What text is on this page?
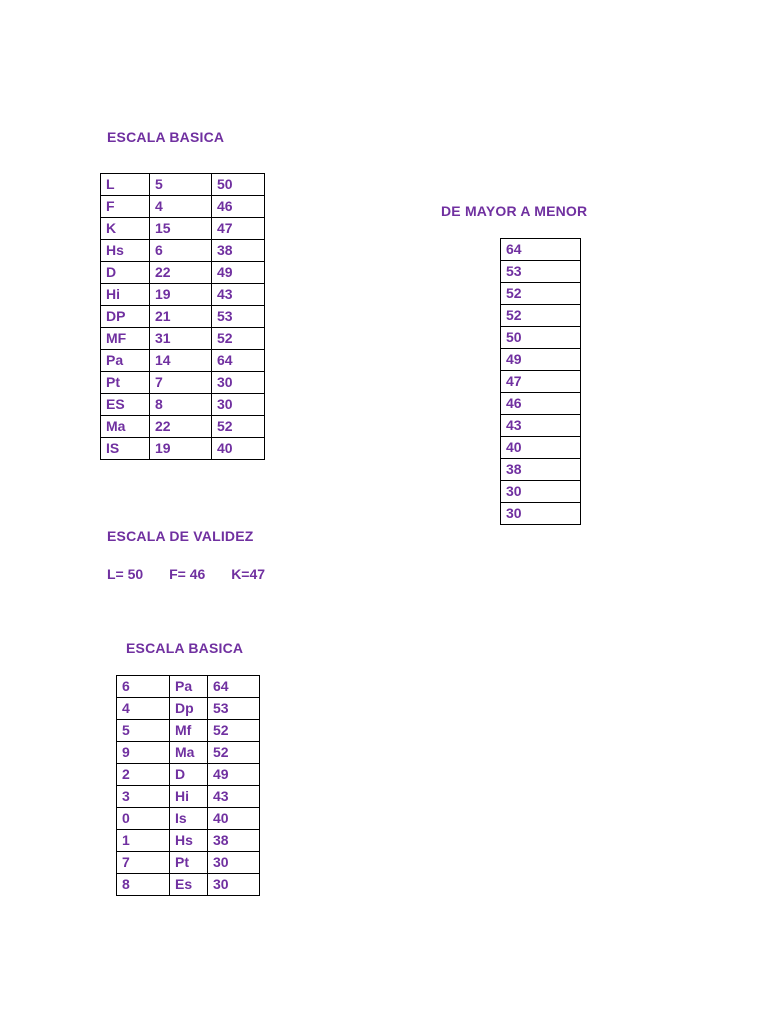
ESCALA BASICA
L	5	50
F	4	46
K	15	47
Hs	6	38
D	22	49
Hi	19	43
DP	21	53
MF	31	52
Pa	14	64
Pt	7	30
ES	8	30
Ma	22	52
IS	19	40
DE MAYOR A MENOR
64
53
52
52
50
49
47
46
43
40
38
30
30
ESCALA DE VALIDEZ
L= 50 F= 46 K=47
ESCALA BASICA
6	Pa	64
4	Dp	53
5	Mf	52
9	Ma	52
2	D	49
3	Hi	43
0	Is	40
1	Hs	38
7	Pt	30
8	Es	30
